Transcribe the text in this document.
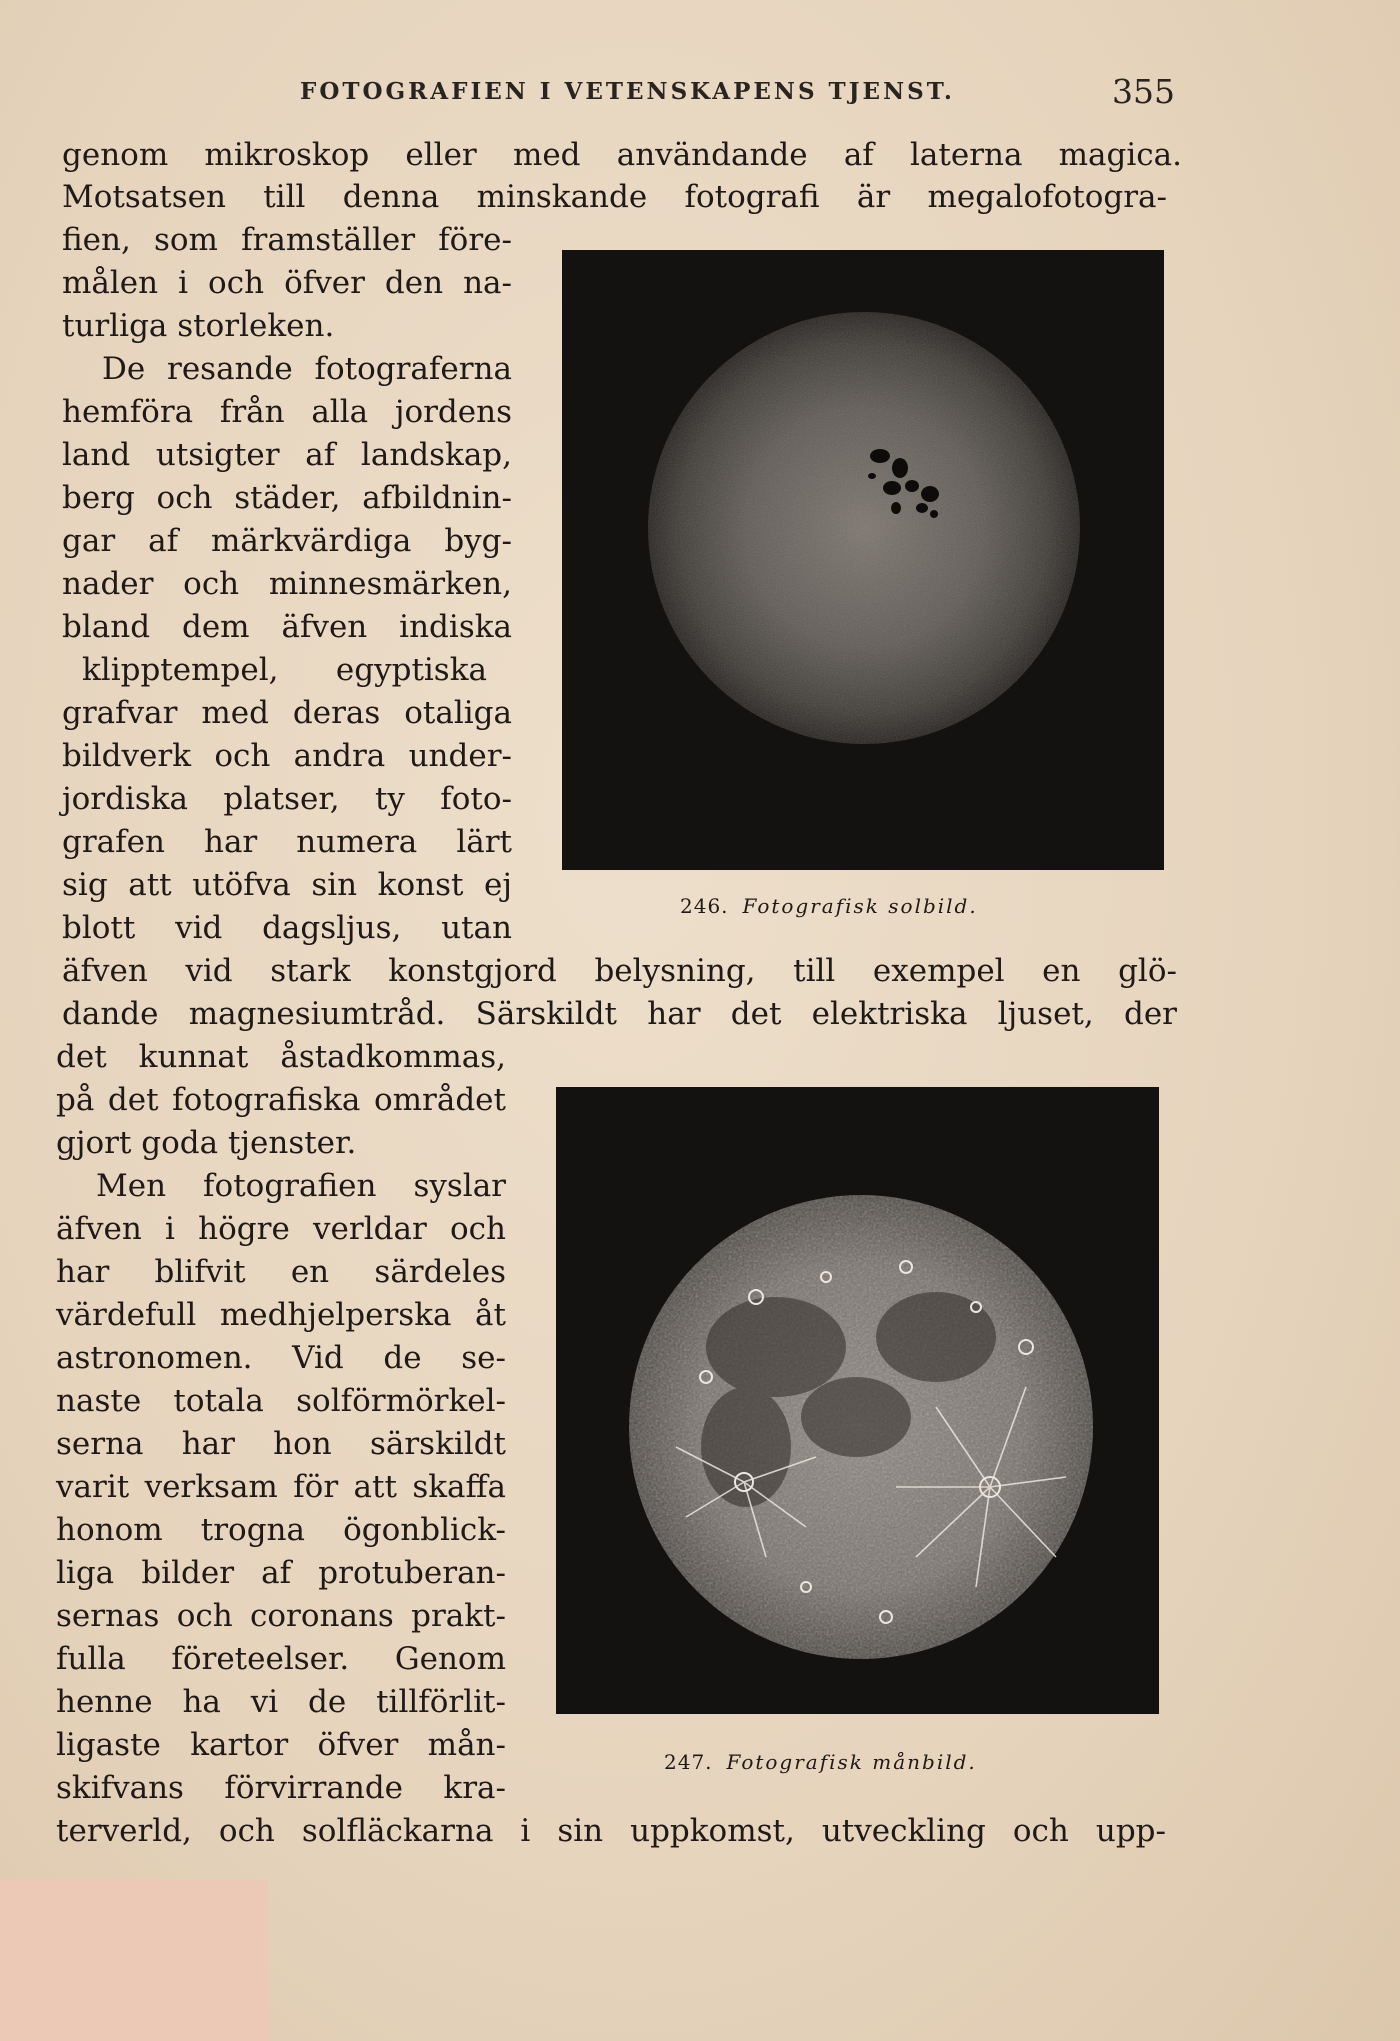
FOTOGRAFIEN I VETENSKAPENS TJENST.	355
genom mikroskop eller med användande af laterna magica.
Motsatsen till denna minskande fotografi är megalofotogra-
fien, som framställer före-
målen i och öfver den na-
turliga storleken.
De resande fotograferna
hemföra från alla jordens
land utsigter af landskap,
berg och städer, afbildnin-
gar af märkvärdiga byg-
nader och minnesmärken,
bland dem äfven indiska
klipptempel, egyptiska
grafvar med deras otaliga
bildverk och andra under-
jordiska platser, ty foto-
grafen har numera lärt
sig att utöfva sin konst ej
blott vid dagsljus, utan
äfven vid stark konstgjord belysning, till exempel en glö-
dande magnesiumtråd. Särskildt har det elektriska ljuset, der
det kunnat åstadkommas,
på det fotografiska området
gjort goda tjenster.
Men fotografien syslar
äfven i högre verldar och
har blifvit en särdeles
värdefull medhjelperska åt
astronomen. Vid de se-
naste totala solförmörkel-
serna har hon särskildt
varit verksam för att skaffa
honom trogna ögonblick-
liga bilder af protuberan-
sernas och coronans prakt-
fulla företeelser. Genom
henne ha vi de tillförlit-
ligaste kartor öfver mån-
skifvans förvirrande kra-
terverld, och solfläckarna i sin uppkomst, utveckling och upp-
246. Fotografisk solbild.
247. Fotografisk månbild.
